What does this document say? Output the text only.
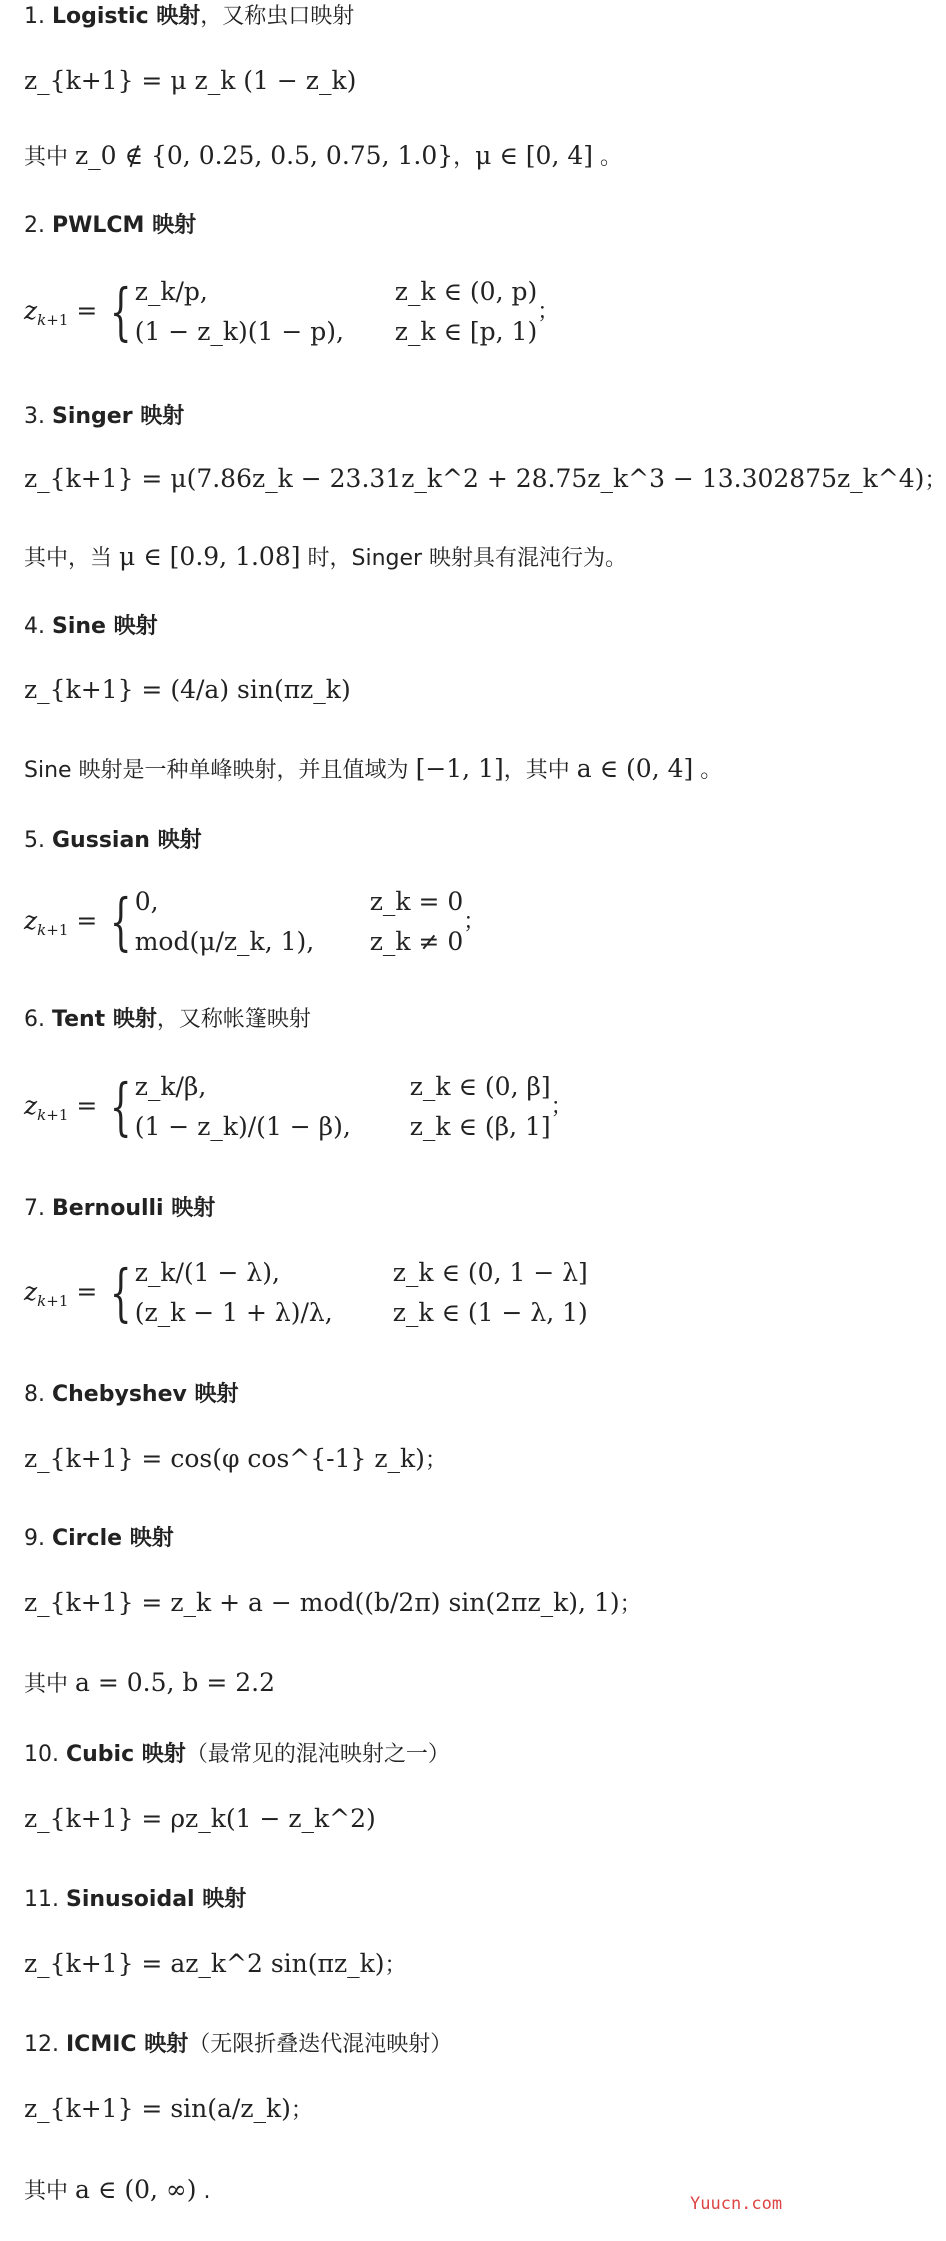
1. Logistic 映射，又称虫口映射
z_{k+1} = μ z_k (1 − z_k)
其中 z_0 ∉ {0, 0.25, 0.5, 0.75, 1.0}，μ ∈ [0, 4] 。
2. PWLCM 映射
$z_{k+1}$ = { z_k/p,	z_k ∈ (0, p)
(1 − z_k)(1 − p),	z_k ∈ [p, 1)
；
3. Singer 映射
z_{k+1} = μ(7.86z_k − 23.31z_k^2 + 28.75z_k^3 − 13.302875z_k^4)；
其中，当 μ ∈ [0.9, 1.08] 时，Singer 映射具有混沌行为。
4. Sine 映射
z_{k+1} = (4/a) sin(πz_k)
Sine 映射是一种单峰映射，并且值域为 [−1, 1]，其中 a ∈ (0, 4] 。
5. Gussian 映射
$z_{k+1}$ = { 0,	z_k = 0
mod(μ/z_k, 1),	z_k ≠ 0
；
6. Tent 映射，又称帐篷映射
$z_{k+1}$ = { z_k/β,	z_k ∈ (0, β]
(1 − z_k)/(1 − β),	z_k ∈ (β, 1]
；
7. Bernoulli 映射
$z_{k+1}$ = { z_k/(1 − λ),	z_k ∈ (0, 1 − λ]
(z_k − 1 + λ)/λ,	z_k ∈ (1 − λ, 1)
8. Chebyshev 映射
z_{k+1} = cos(φ cos^{-1} z_k)；
9. Circle 映射
z_{k+1} = z_k + a − mod((b/2π) sin(2πz_k), 1)；
其中 a = 0.5, b = 2.2
10. Cubic 映射（最常见的混沌映射之一）
z_{k+1} = ρz_k(1 − z_k^2)
11. Sinusoidal 映射
z_{k+1} = az_k^2 sin(πz_k)；
12. ICMIC 映射（无限折叠迭代混沌映射）
z_{k+1} = sin(a/z_k)；
其中 a ∈ (0, ∞) .	Yuucn.com
